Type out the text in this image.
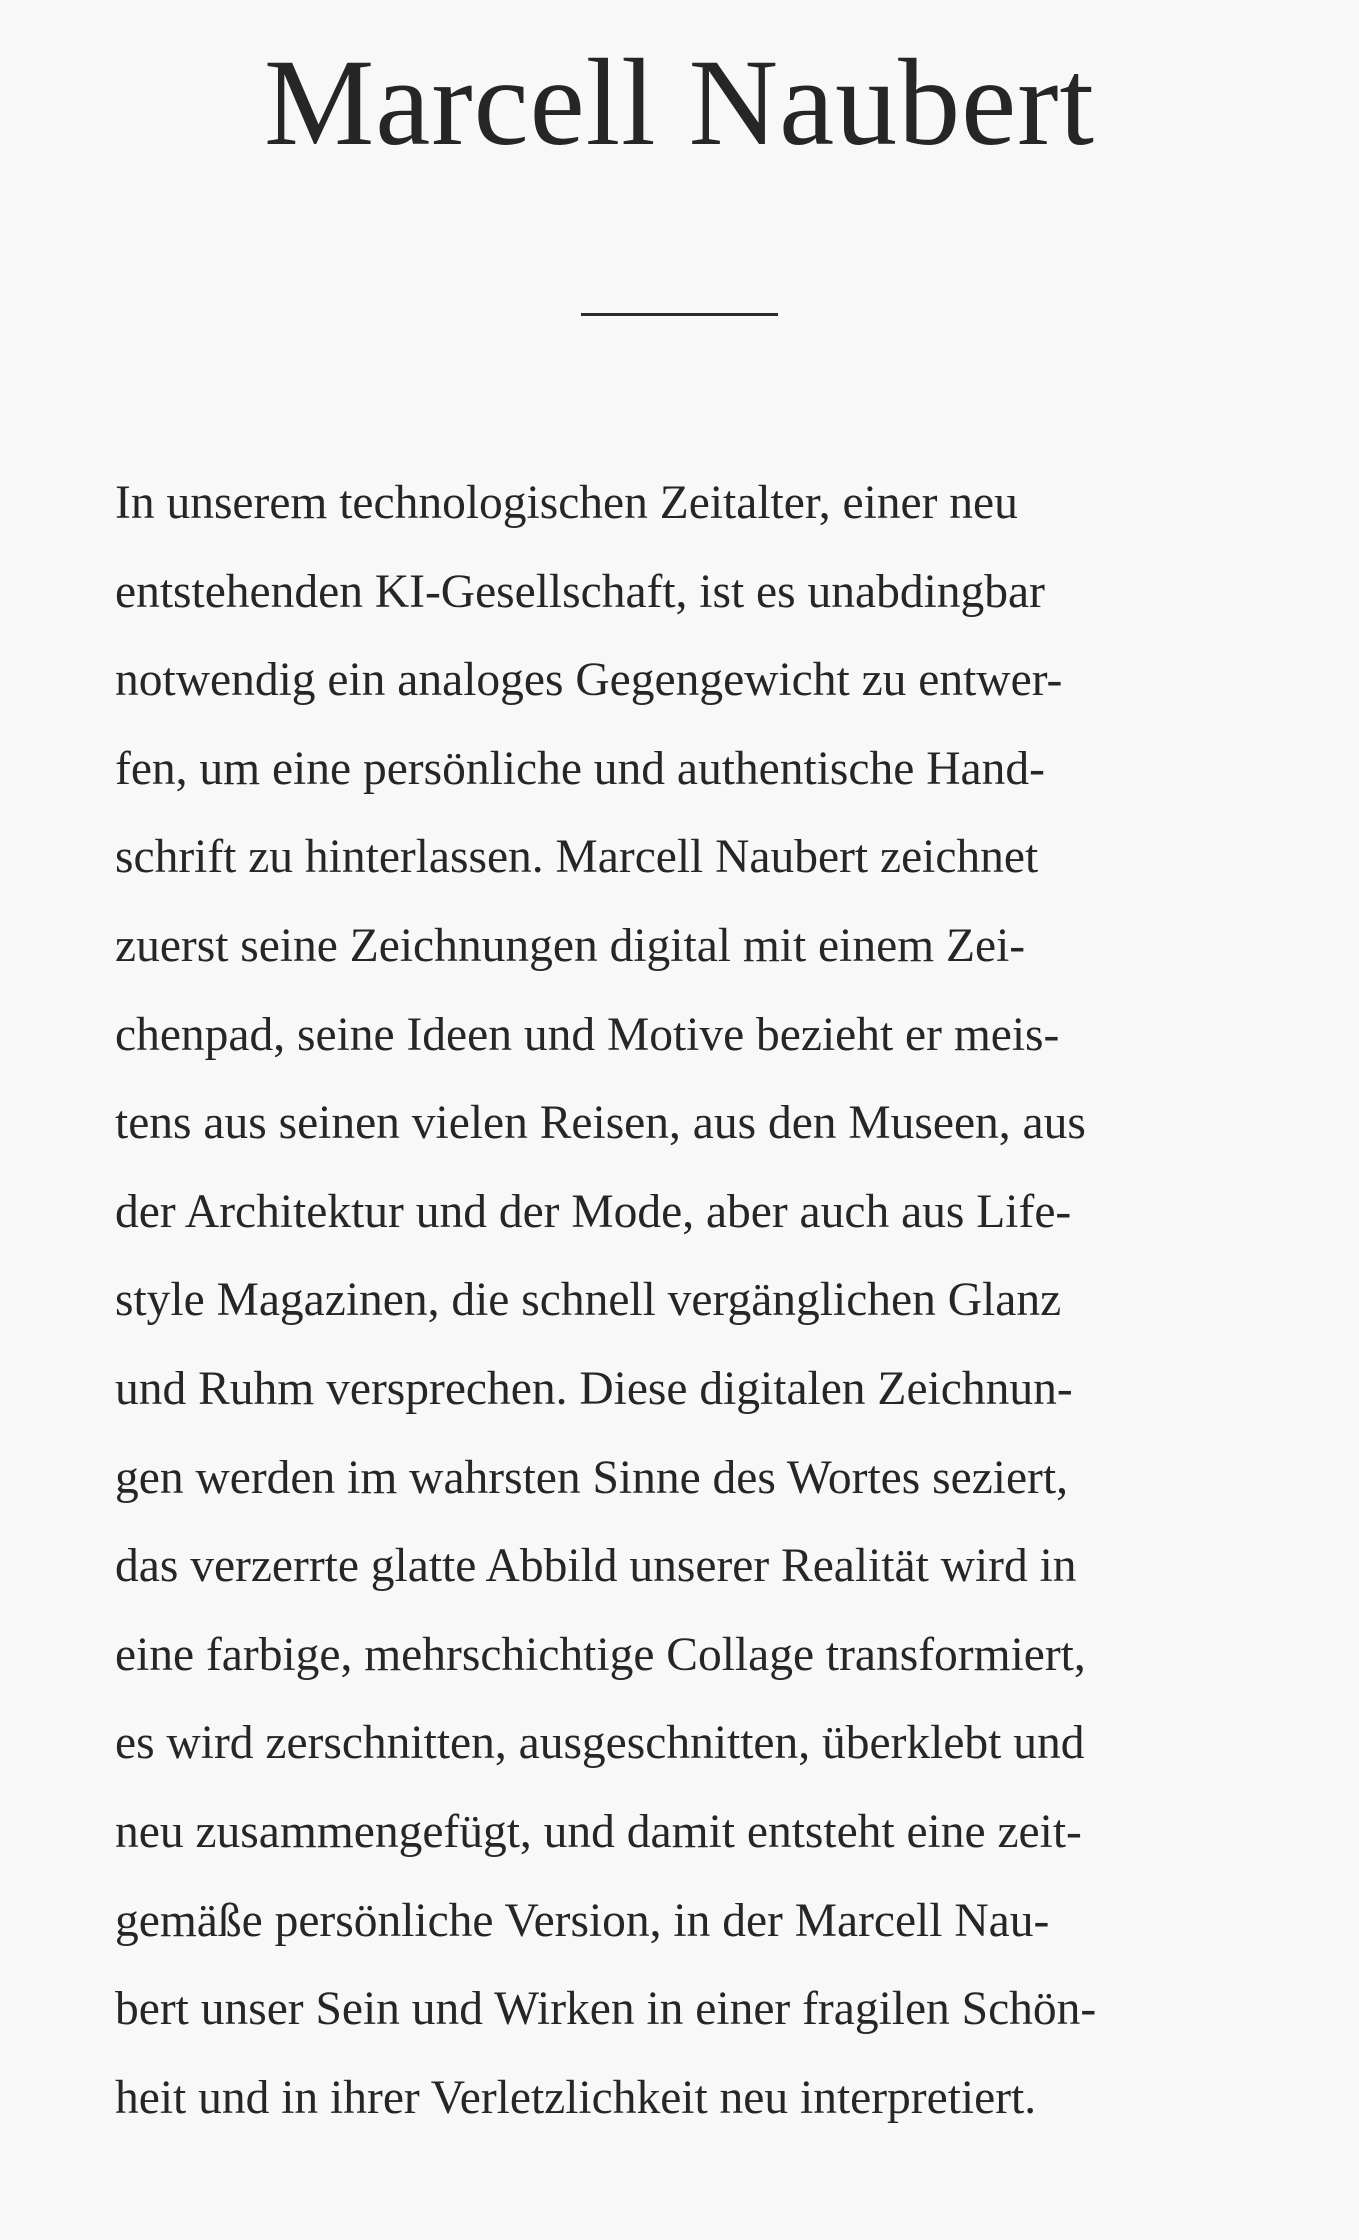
Marcell Naubert

In unserem technologischen Zeitalter, einer neu
entstehenden KI-Gesellschaft, ist es unabdingbar
notwendig ein analoges Gegengewicht zu entwer-
fen, um eine persönliche und authentische Hand-
schrift zu hinterlassen. Marcell Naubert zeichnet
zuerst seine Zeichnungen digital mit einem Zei-
chenpad, seine Ideen und Motive bezieht er meis-
tens aus seinen vielen Reisen, aus den Museen, aus
der Architektur und der Mode, aber auch aus Life-
style Magazinen, die schnell vergänglichen Glanz
und Ruhm versprechen. Diese digitalen Zeichnun-
gen werden im wahrsten Sinne des Wortes seziert,
das verzerrte glatte Abbild unserer Realität wird in
eine farbige, mehrschichtige Collage transformiert,
es wird zerschnitten, ausgeschnitten, überklebt und
neu zusammengefügt, und damit entsteht eine zeit-
gemäße persönliche Version, in der Marcell Nau-
bert unser Sein und Wirken in einer fragilen Schön-
heit und in ihrer Verletzlichkeit neu interpretiert.
